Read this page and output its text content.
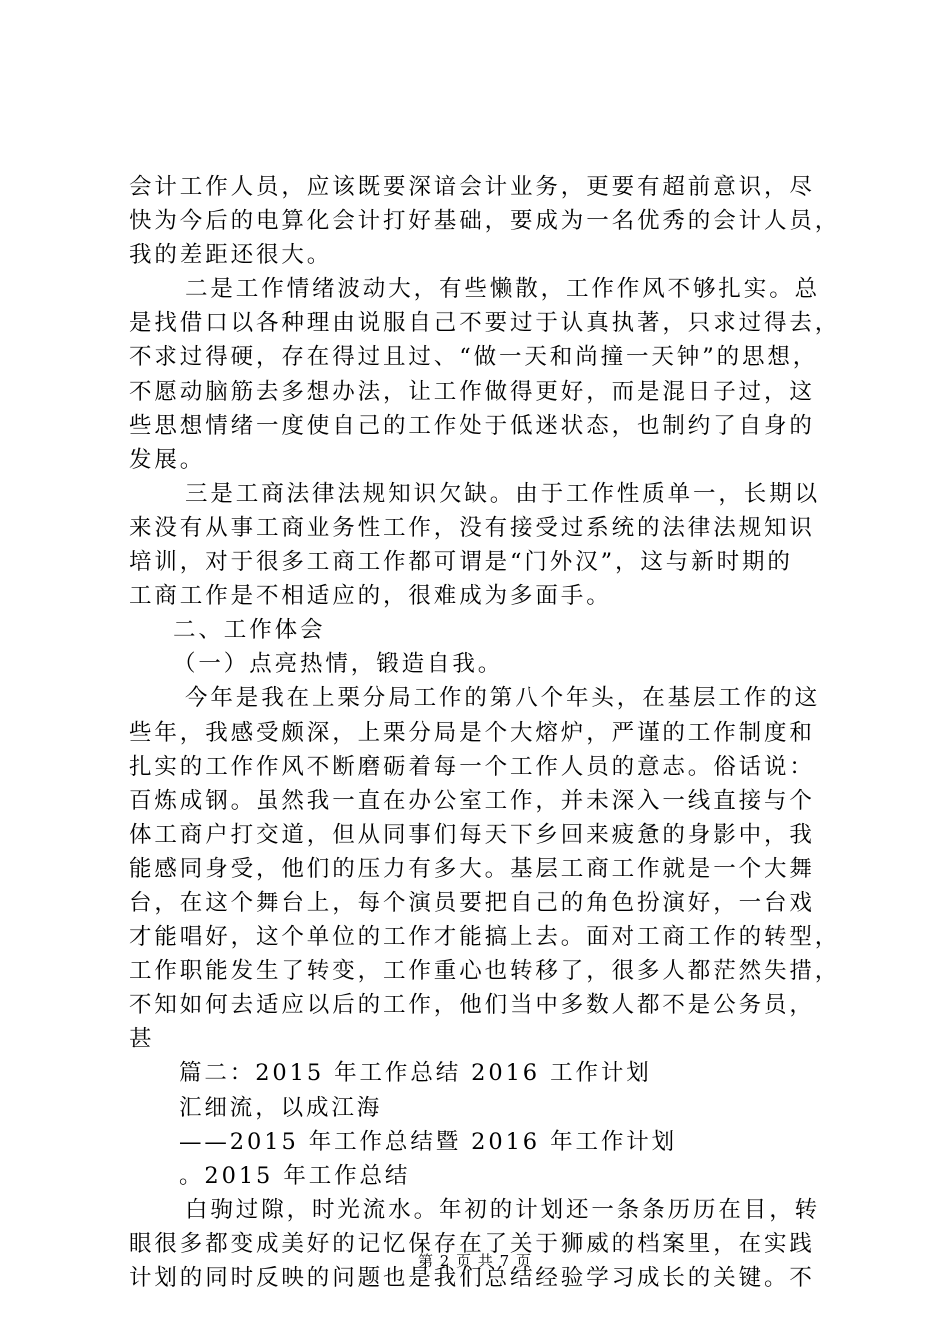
会计工作人员，应该既要深谙会计业务，更要有超前意识，尽
快为今后的电算化会计打好基础，要成为一名优秀的会计人员，
我的差距还很大。
二是工作情绪波动大，有些懒散，工作作风不够扎实。总
是找借口以各种理由说服自己不要过于认真执著，只求过得去，
不求过得硬，存在得过且过、“做一天和尚撞一天钟”的思想，
不愿动脑筋去多想办法，让工作做得更好，而是混日子过，这
些思想情绪一度使自己的工作处于低迷状态，也制约了自身的
发展。
三是工商法律法规知识欠缺。由于工作性质单一，长期以
来没有从事工商业务性工作，没有接受过系统的法律法规知识
培训，对于很多工商工作都可谓是“门外汉”，这与新时期的
工商工作是不相适应的，很难成为多面手。
二、工作体会
（一）点亮热情，锻造自我。
今年是我在上栗分局工作的第八个年头，在基层工作的这
些年，我感受颇深，上栗分局是个大熔炉，严谨的工作制度和
扎实的工作作风不断磨砺着每一个工作人员的意志。俗话说：
百炼成钢。虽然我一直在办公室工作，并未深入一线直接与个
体工商户打交道，但从同事们每天下乡回来疲惫的身影中，我
能感同身受，他们的压力有多大。基层工商工作就是一个大舞
台，在这个舞台上，每个演员要把自己的角色扮演好，一台戏
才能唱好，这个单位的工作才能搞上去。面对工商工作的转型，
工作职能发生了转变，工作重心也转移了，很多人都茫然失措，
不知如何去适应以后的工作，他们当中多数人都不是公务员，
甚
篇二：2015 年工作总结 2016 工作计划
汇细流，以成江海
——2015 年工作总结暨 2016 年工作计划
。2015 年工作总结
白驹过隙，时光流水。年初的计划还一条条历历在目，转
眼很多都变成美好的记忆保存在了关于狮威的档案里，在实践
计划的同时反映的问题也是我们总结经验学习成长的关键。不
第 2 页 共 7 页
